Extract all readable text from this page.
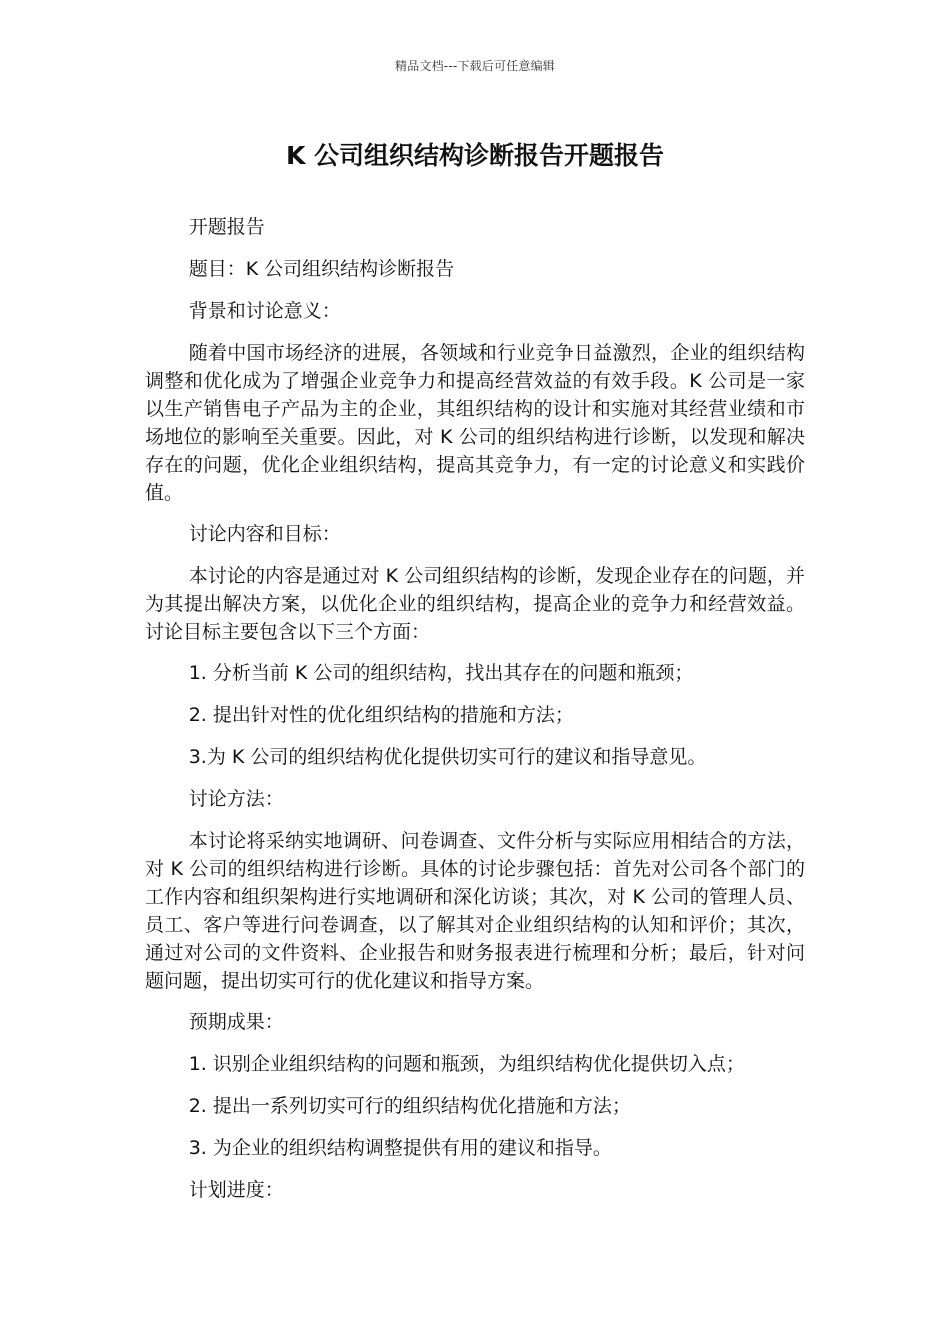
精品文档---下载后可任意编辑
K 公司组织结构诊断报告开题报告

开题报告

题目：K 公司组织结构诊断报告

背景和讨论意义：

随着中国市场经济的进展，各领域和行业竞争日益激烈，企业的组织结构调整和优化成为了增强企业竞争力和提高经营效益的有效手段。K 公司是一家以生产销售电子产品为主的企业，其组织结构的设计和实施对其经营业绩和市场地位的影响至关重要。因此，对 K 公司的组织结构进行诊断，以发现和解决存在的问题，优化企业组织结构，提高其竞争力，有一定的讨论意义和实践价值。

讨论内容和目标：

本讨论的内容是通过对 K 公司组织结构的诊断，发现企业存在的问题，并为其提出解决方案，以优化企业的组织结构，提高企业的竞争力和经营效益。讨论目标主要包含以下三个方面：

1. 分析当前 K 公司的组织结构，找出其存在的问题和瓶颈；

2. 提出针对性的优化组织结构的措施和方法；

3.为 K 公司的组织结构优化提供切实可行的建议和指导意见。

讨论方法：

本讨论将采纳实地调研、问卷调查、文件分析与实际应用相结合的方法，对 K 公司的组织结构进行诊断。具体的讨论步骤包括：首先对公司各个部门的工作内容和组织架构进行实地调研和深化访谈；其次，对 K 公司的管理人员、员工、客户等进行问卷调查，以了解其对企业组织结构的认知和评价；其次，通过对公司的文件资料、企业报告和财务报表进行梳理和分析；最后，针对问题问题，提出切实可行的优化建议和指导方案。

预期成果：

1. 识别企业组织结构的问题和瓶颈，为组织结构优化提供切入点；

2. 提出一系列切实可行的组织结构优化措施和方法；

3. 为企业的组织结构调整提供有用的建议和指导。

计划进度：
